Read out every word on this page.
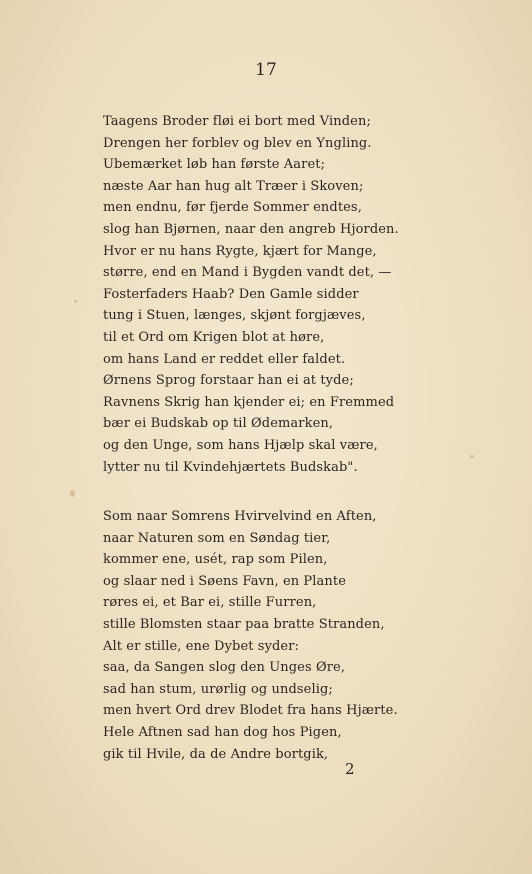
17
Taagens Broder fløi ei bort med Vinden;
Drengen her forblev og blev en Yngling.
Ubemærket løb han første Aaret;
næste Aar han hug alt Træer i Skoven;
men endnu, før fjerde Sommer endtes,
slog han Bjørnen, naar den angreb Hjorden.
Hvor er nu hans Rygte, kjært for Mange,
større, end en Mand i Bygden vandt det, —
Fosterfaders Haab? Den Gamle sidder
tung i Stuen, længes, skjønt forgjæves,
til et Ord om Krigen blot at høre,
om hans Land er reddet eller faldet.
Ørnens Sprog forstaar han ei at tyde;
Ravnens Skrig han kjender ei; en Fremmed
bær ei Budskab op til Ødemarken,
og den Unge, som hans Hjælp skal være,
lytter nu til Kvindehjærtets Budskab".
Som naar Somrens Hvirvelvind en Aften,
naar Naturen som en Søndag tier,
kommer ene, usét, rap som Pilen,
og slaar ned i Søens Favn, en Plante
røres ei, et Bar ei, stille Furren,
stille Blomsten staar paa bratte Stranden,
Alt er stille, ene Dybet syder:
saa, da Sangen slog den Unges Øre,
sad han stum, urørlig og undselig;
men hvert Ord drev Blodet fra hans Hjærte.
Hele Aftnen sad han dog hos Pigen,
gik til Hvile, da de Andre bortgik,
2
